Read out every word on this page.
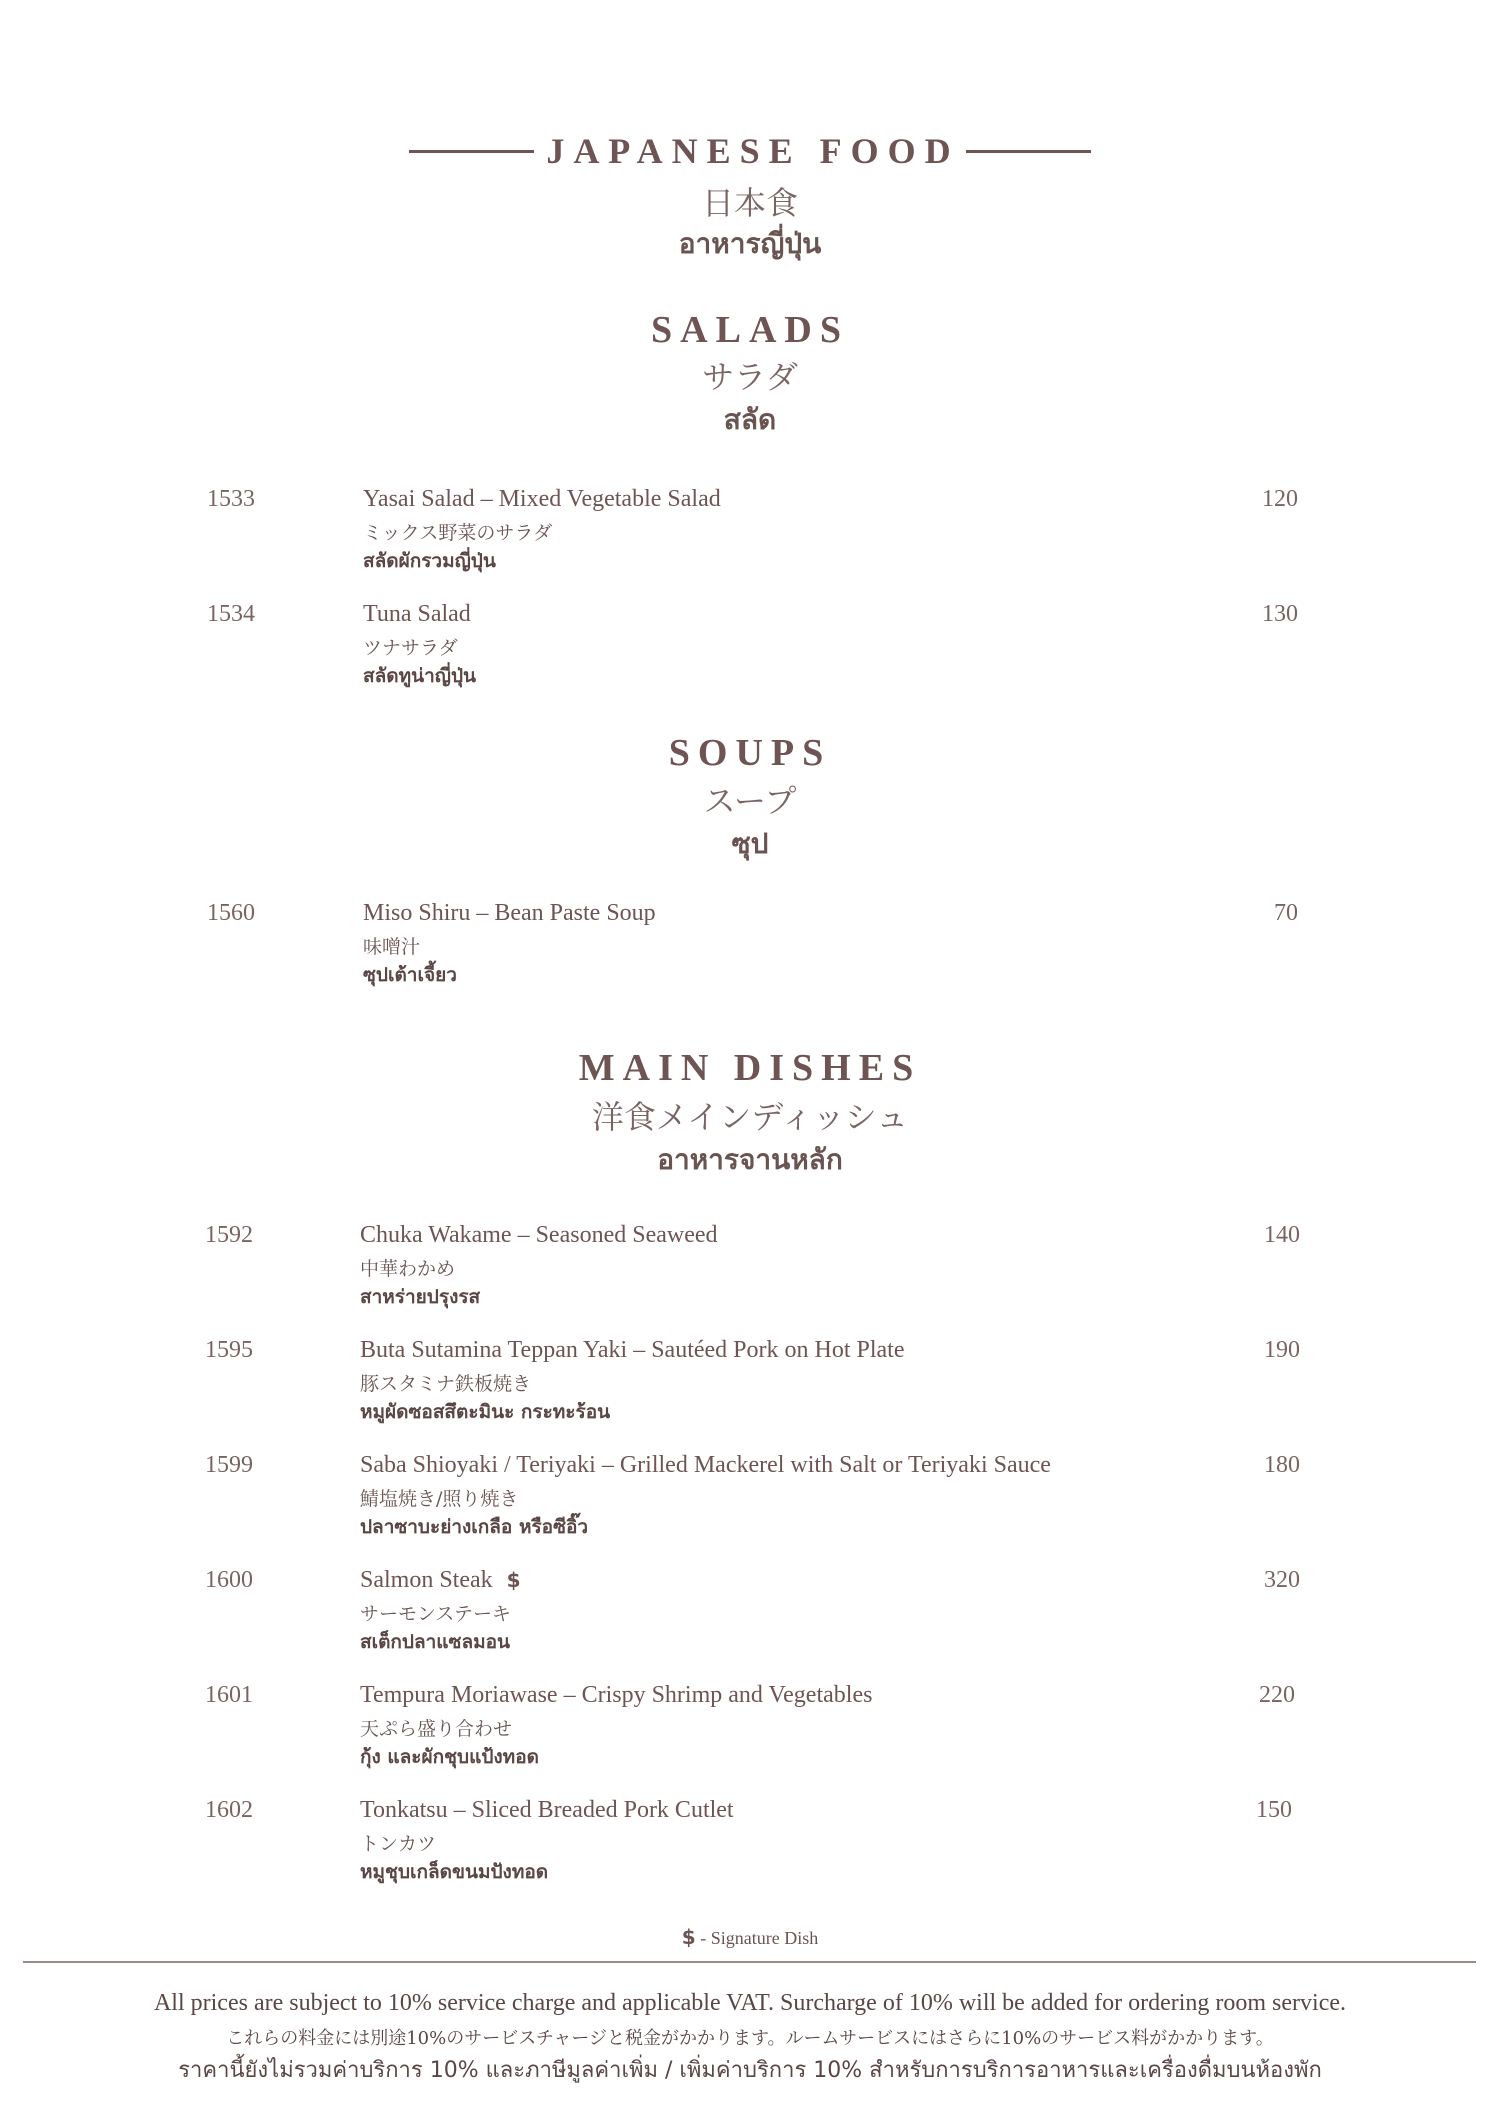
JAPANESE FOOD
日本食
อาหารญี่ปุ่น
SALADS
サラダ
สลัด
1533	Yasai Salad – Mixed Vegetable Salad
ミックス野菜のサラダ
สลัดผักรวมญี่ปุ่น
120
1534	Tuna Salad
ツナサラダ
สลัดทูน่าญี่ปุ่น
130
SOUPS
スープ
ซุป
1560	Miso Shiru – Bean Paste Soup
味噌汁
ซุปเต้าเจี้ยว
70
MAIN DISHES
洋食メインディッシュ
อาหารจานหลัก
1592	Chuka Wakame – Seasoned Seaweed
中華わかめ
สาหร่ายปรุงรส
140
1595	Buta Sutamina Teppan Yaki – Sautéed Pork on Hot Plate
豚スタミナ鉄板焼き
หมูผัดซอสสึตะมินะ กระทะร้อน
190
1599	Saba Shioyaki / Teriyaki – Grilled Mackerel with Salt or Teriyaki Sauce
鯖塩焼き/照り焼き
ปลาซาบะย่างเกลือ หรือซีอิ๊ว
180
1600	Salmon Steak $
サーモンステーキ
สเต็กปลาแซลมอน
320
1601	Tempura Moriawase – Crispy Shrimp and Vegetables
天ぷら盛り合わせ
กุ้ง และผักชุบแป้งทอด
220
1602	Tonkatsu – Sliced Breaded Pork Cutlet
トンカツ
หมูชุบเกล็ดขนมปังทอด
150
$ - Signature Dish
All prices are subject to 10% service charge and applicable VAT. Surcharge of 10% will be added for ordering room service.
これらの料金には別途10%のサービスチャージと税金がかかります。ルームサービスにはさらに10%のサービス料がかかります。
ราคานี้ยังไม่รวมค่าบริการ 10% และภาษีมูลค่าเพิ่ม / เพิ่มค่าบริการ 10% สำหรับการบริการอาหารและเครื่องดื่มบนห้องพัก
